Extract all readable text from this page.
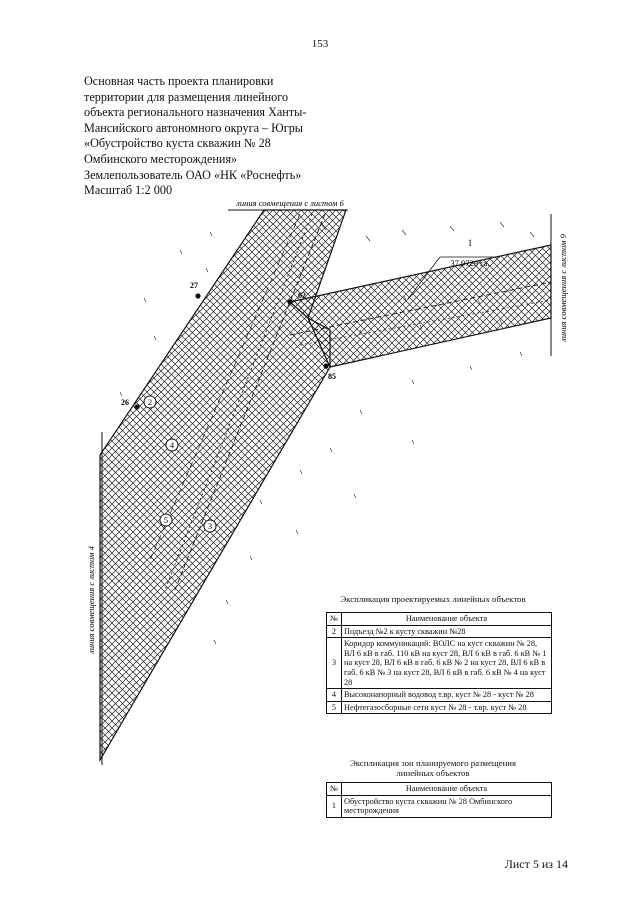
153
Основная часть проекта планировки
территории для размещения линейного
объекта регионального назначения Ханты-
Мансийского автономного округа – Югры
«Обустройство куста скважин № 28
Омбинского месторождения»
Землепользователь ОАО «НК «Роснефть»
Масштаб 1:2 000
1
37,9729 га.
линия совмещения с листом 6
линия совмещения с листом 9
линия совмещения с листом 4
27
62
26
85
2
4
5
3
Экспликация проектируемых линейных объектов
№	Наименование объекта
2	Подъезд №2 к кусту скважин №28
3	Коридор коммуникаций: ВОЛС на куст скважин № 28, ВЛ 6 кВ в габ. 110 кВ на куст 28, ВЛ 6 кВ в габ. 6 кВ № 1 на куст 28, ВЛ 6 кВ в габ. 6 кВ № 2 на куст 28, ВЛ 6 кВ в габ. 6 кВ № 3 на куст 28, ВЛ 6 кВ в габ. 6 кВ № 4 на куст 28
4	Высоконапорный водовод т.вр. куст № 28 - куст № 28
5	Нефтегазосборные сети куст № 28 - т.вр. куст № 28
Экспликация зон планируемого размещения
линейных объектов
№	Наименование объекта
1	Обустройство куста скважин № 28 Омбинского месторождения
Лист 5 из 14
